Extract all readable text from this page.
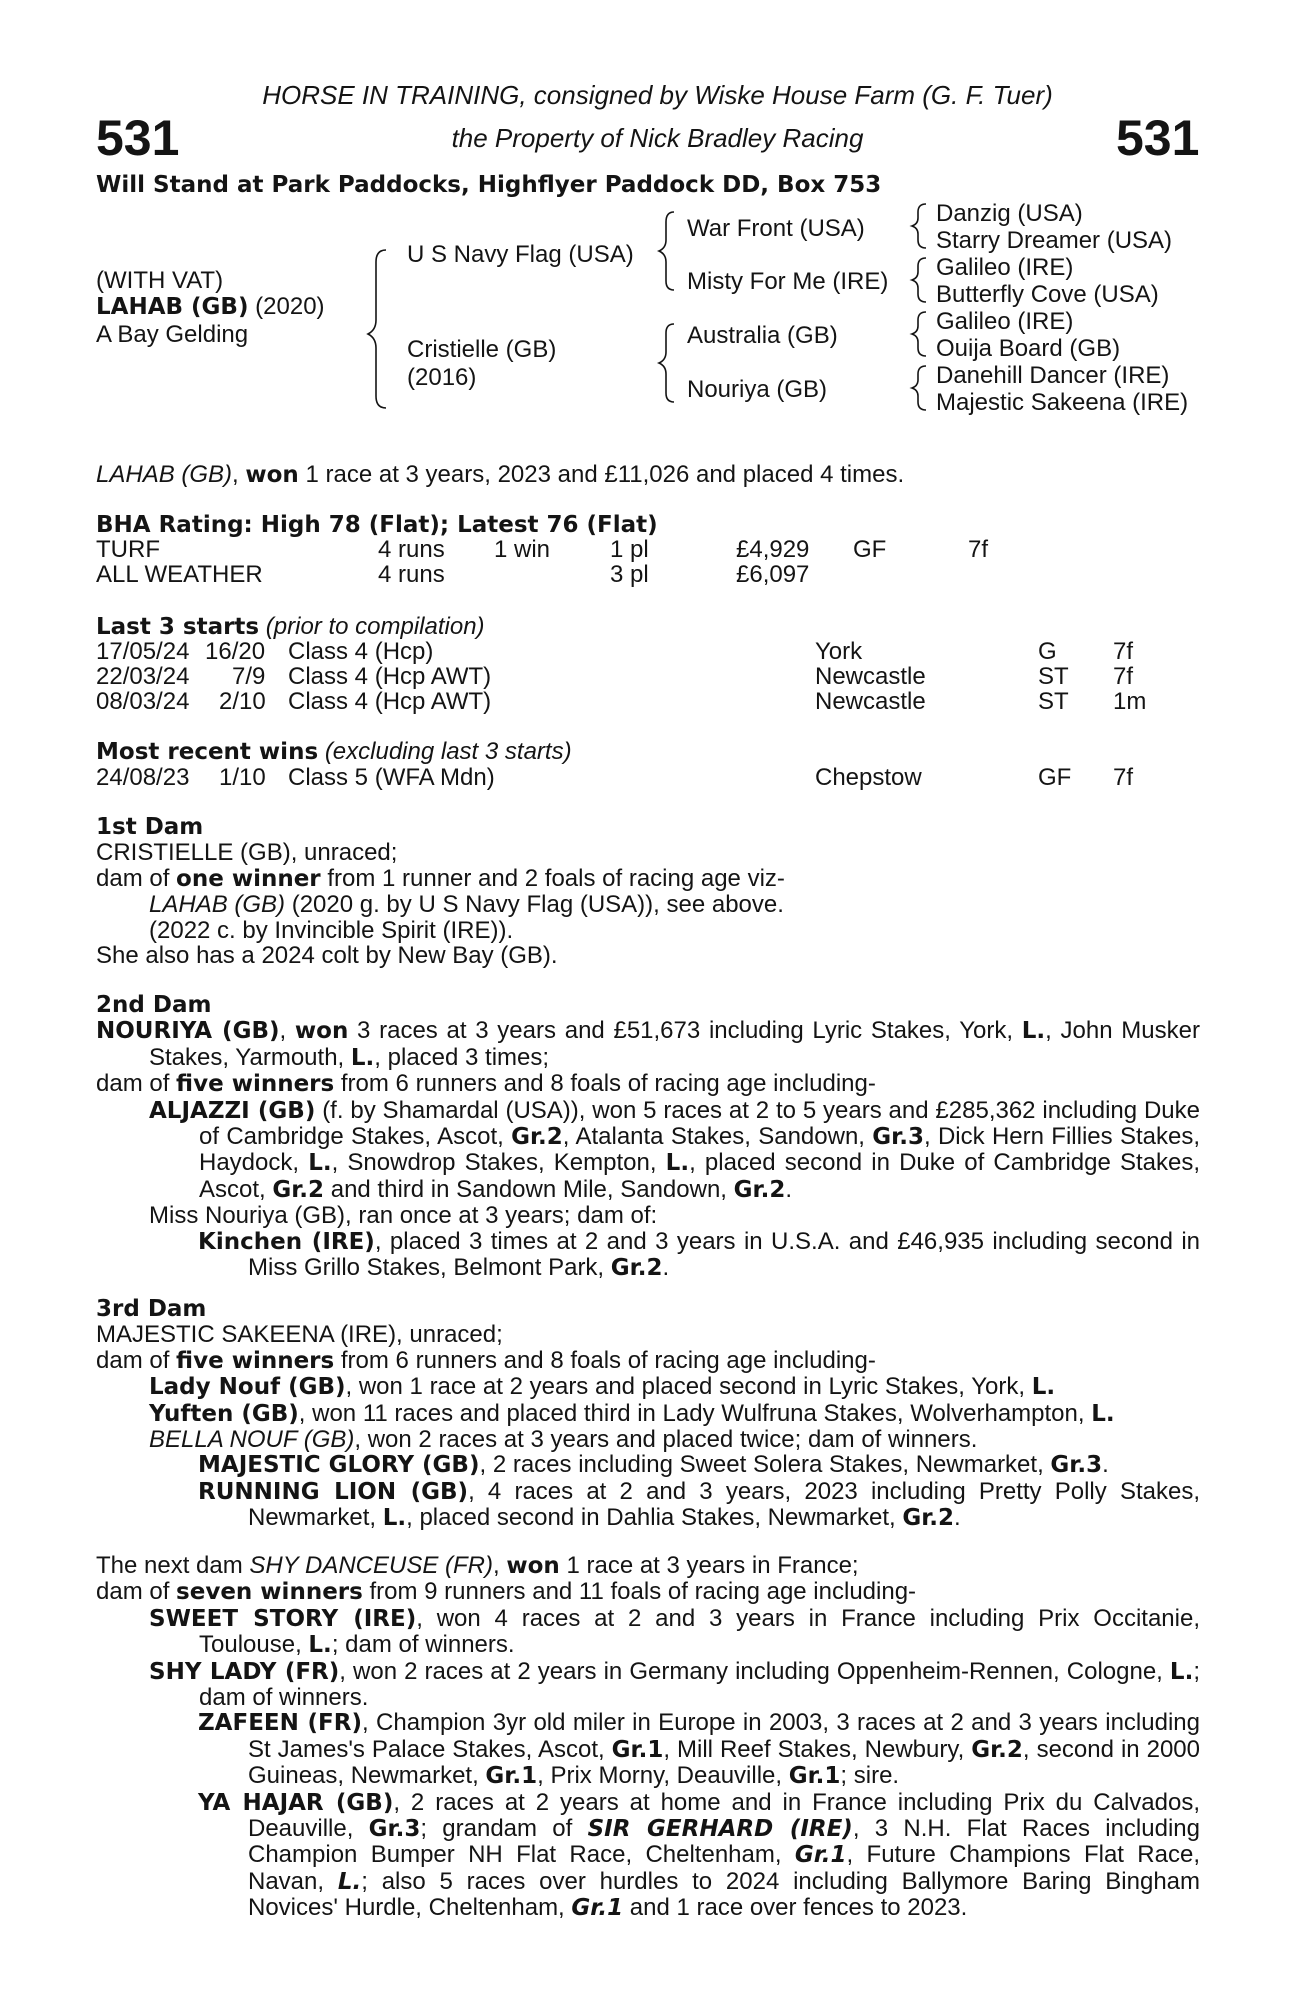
531	531
HORSE IN TRAINING, consigned by Wiske House Farm (G. F. Tuer)
the Property of Nick Bradley Racing
Will Stand at Park Paddocks, Highflyer Paddock DD, Box 753
(WITH VAT)
LAHAB (GB) (2020)
A Bay Gelding
U S Navy Flag (USA)
Cristielle (GB)
(2016)
War Front (USA)
Misty For Me (IRE)
Australia (GB)
Nouriya (GB)
Danzig (USA)
Starry Dreamer (USA)
Galileo (IRE)
Butterfly Cove (USA)
Galileo (IRE)
Ouija Board (GB)
Danehill Dancer (IRE)
Majestic Sakeena (IRE)
LAHAB (GB), won 1 race at 3 years, 2023 and £11,026 and placed 4 times.
BHA Rating: High 78 (Flat); Latest 76 (Flat)
TURF	4 runs 1 win 1 pl	£4,929 GF	7f
ALL WEATHER	4 runs	3 pl	£6,097
Last 3 starts (prior to compilation)
17/05/24 16/20 Class 4 (Hcp)	York	G 7f
22/03/24 7/9 Class 4 (Hcp AWT)	Newcastle	ST 7f
08/03/24 2/10 Class 4 (Hcp AWT)	Newcastle	ST 1m
Most recent wins (excluding last 3 starts)
24/08/23 1/10 Class 5 (WFA Mdn)	Chepstow	GF 7f

1st Dam

CRISTIELLE (GB), unraced;

dam of one winner from 1 runner and 2 foals of racing age viz-

LAHAB (GB) (2020 g. by U S Navy Flag (USA)), see above.

(2022 c. by Invincible Spirit (IRE)).

She also has a 2024 colt by New Bay (GB).

2nd Dam

NOURIYA (GB), won 3 races at 3 years and £51,673 including Lyric Stakes, York, L., John Musker Stakes, Yarmouth, L., placed 3 times;

dam of five winners from 6 runners and 8 foals of racing age including-

ALJAZZI (GB) (f. by Shamardal (USA)), won 5 races at 2 to 5 years and £285,362 including Duke of Cambridge Stakes, Ascot, Gr.2, Atalanta Stakes, Sandown, Gr.3, Dick Hern Fillies Stakes, Haydock, L., Snowdrop Stakes, Kempton, L., placed second in Duke of Cambridge Stakes, Ascot, Gr.2 and third in Sandown Mile, Sandown, Gr.2.

Miss Nouriya (GB), ran once at 3 years; dam of:

Kinchen (IRE), placed 3 times at 2 and 3 years in U.S.A. and £46,935 including second in Miss Grillo Stakes, Belmont Park, Gr.2.

3rd Dam

MAJESTIC SAKEENA (IRE), unraced;

dam of five winners from 6 runners and 8 foals of racing age including-

Lady Nouf (GB), won 1 race at 2 years and placed second in Lyric Stakes, York, L.

Yuften (GB), won 11 races and placed third in Lady Wulfruna Stakes, Wolverhampton, L.

BELLA NOUF (GB), won 2 races at 3 years and placed twice; dam of winners.

MAJESTIC GLORY (GB), 2 races including Sweet Solera Stakes, Newmarket, Gr.3.

RUNNING LION (GB), 4 races at 2 and 3 years, 2023 including Pretty Polly Stakes, Newmarket, L., placed second in Dahlia Stakes, Newmarket, Gr.2.

The next dam SHY DANCEUSE (FR), won 1 race at 3 years in France;

dam of seven winners from 9 runners and 11 foals of racing age including-

SWEET STORY (IRE), won 4 races at 2 and 3 years in France including Prix Occitanie, Toulouse, L.; dam of winners.

SHY LADY (FR), won 2 races at 2 years in Germany including Oppenheim-Rennen, Cologne, L.; dam of winners.

ZAFEEN (FR), Champion 3yr old miler in Europe in 2003, 3 races at 2 and 3 years including St James's Palace Stakes, Ascot, Gr.1, Mill Reef Stakes, Newbury, Gr.2, second in 2000 Guineas, Newmarket, Gr.1, Prix Morny, Deauville, Gr.1; sire.

YA HAJAR (GB), 2 races at 2 years at home and in France including Prix du Calvados, Deauville, Gr.3; grandam of SIR GERHARD (IRE), 3 N.H. Flat Races including Champion Bumper NH Flat Race, Cheltenham, Gr.1, Future Champions Flat Race, Navan, L.; also 5 races over hurdles to 2024 including Ballymore Baring Bingham Novices' Hurdle, Cheltenham, Gr.1 and 1 race over fences to 2023.
